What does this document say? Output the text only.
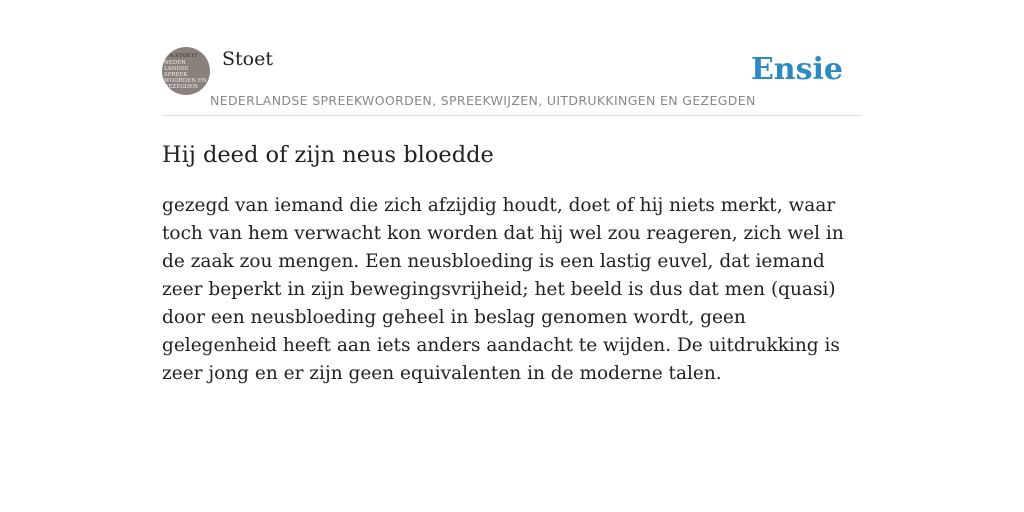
F.A.STOETT
NEDER
LANDSE
SPREEK
WOORDEN EN
GEZEGDEN
Stoet	Ensie
NEDERLANDSE SPREEKWOORDEN, SPREEKWIJZEN, UITDRUKKINGEN EN GEZEGDEN
Hij deed of zijn neus bloedde

gezegd van iemand die zich afzijdig houdt, doet of hij niets merkt, waar toch van hem verwacht kon worden dat hij wel zou reageren, zich wel in de zaak zou mengen. Een neusbloeding is een lastig euvel, dat iemand zeer beperkt in zijn bewegingsvrijheid; het beeld is dus dat men (quasi) door een neusbloeding geheel in beslag genomen wordt, geen gelegenheid heeft aan iets anders aandacht te wijden. De uitdrukking is zeer jong en er zijn geen equivalenten in de moderne talen.
